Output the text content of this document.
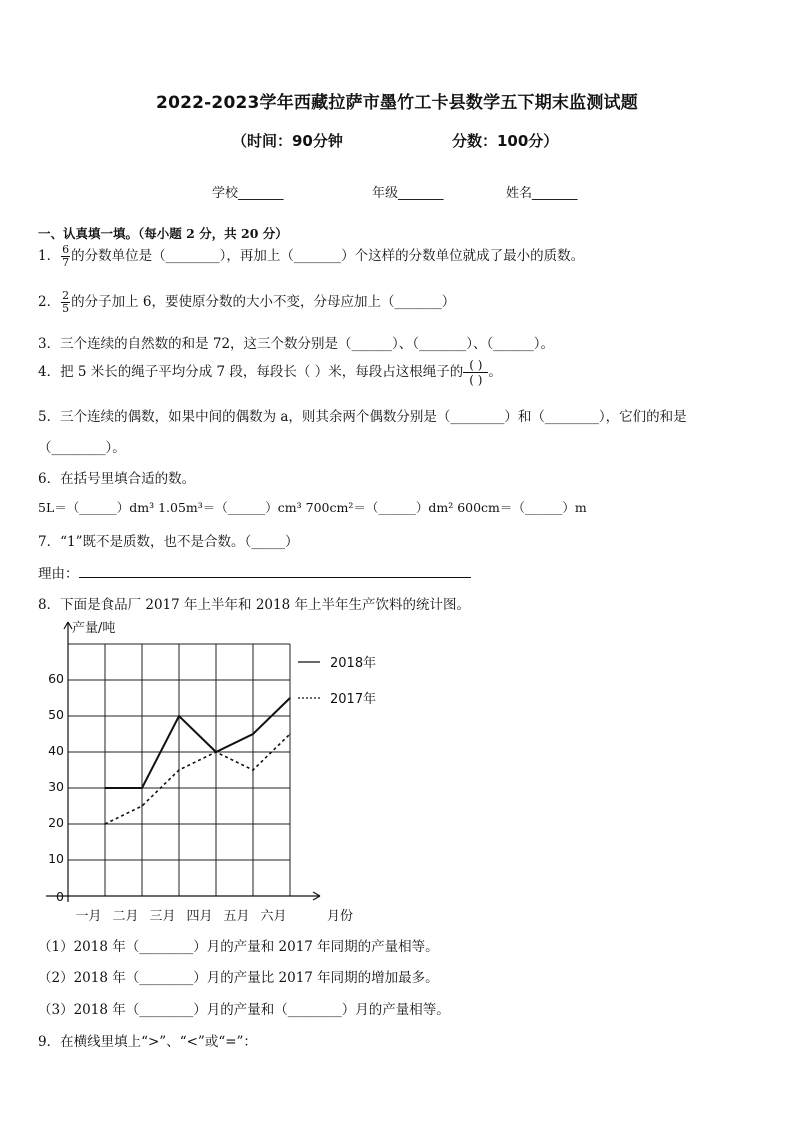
2022-2023学年西藏拉萨市墨竹工卡县数学五下期末监测试题
（时间：90分钟	分数：100分）
学校_______	年级_______	姓名_______
一、认真填一填。（每小题 2 分，共 20 分）
1． $\frac{6}{7}$ 的分数单位是（________），再加上（_______）个这样的分数单位就成了最小的质数。
2． $\frac{2}{5}$ 的分子加上 6，要使原分数的大小不变，分母应加上（_______）
3．三个连续的自然数的和是 72，这三个数分别是（______）、（_______）、（______）。
4．把 5 米长的绳子平均分成 7 段，每段长（ ）米，每段占这根绳子的 ( )
( ) 。
5．三个连续的偶数，如果中间的偶数为 a，则其余两个偶数分别是（________）和（________），它们的和是
（________）。
6．在括号里填合适的数。
5L＝（______）dm³ 1.05m³＝（______）cm³ 700cm²＝（______）dm² 600cm＝（______）m
7．“1”既不是质数，也不是合数。（_____）
理由：
8．下面是食品厂 2017 年上半年和 2018 年上半年生产饮料的统计图。
产量/吨
0
10
20
30
40
50
60
一月 二月 三月 四月 五月 六月	月份
2018年
2017年
（1）2018 年（________）月的产量和 2017 年同期的产量相等。
（2）2018 年（________）月的产量比 2017 年同期的增加最多。
（3）2018 年（________）月的产量和（________）月的产量相等。
9．在横线里填上“>”、“<”或“=”：
